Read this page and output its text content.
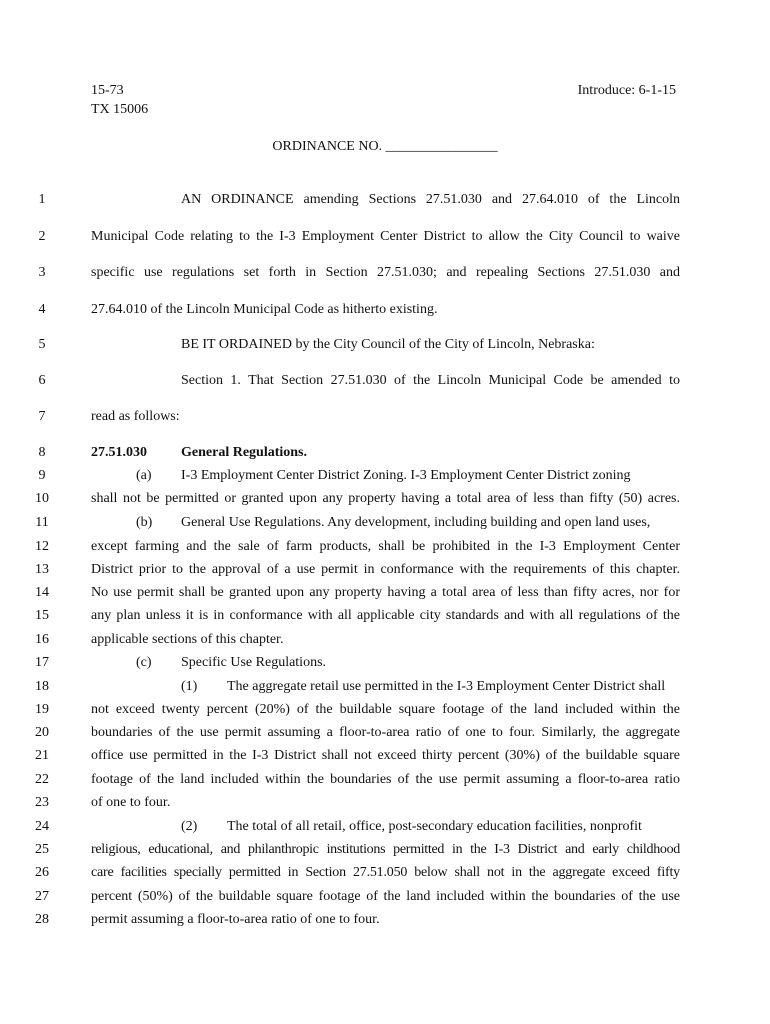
15-73
TX 15006
Introduce: 6-1-15
ORDINANCE NO. ________________
1
2
3
4
5
6
7
8
9
10
11
12
13
14
15
16
17
18
19
20
21
22
23
24
25
26
27
28
AN ORDINANCE amending Sections 27.51.030 and 27.64.010 of the Lincoln
Municipal Code relating to the I-3 Employment Center District to allow the City Council to waive
specific use regulations set forth in Section 27.51.030; and repealing Sections 27.51.030 and
27.64.010 of the Lincoln Municipal Code as hitherto existing.
BE IT ORDAINED by the City Council of the City of Lincoln, Nebraska:
Section 1. That Section 27.51.030 of the Lincoln Municipal Code be amended to
read as follows:
27.51.030 General Regulations.
(a) I-3 Employment Center District Zoning. I-3 Employment Center District zoning
shall not be permitted or granted upon any property having a total area of less than fifty (50) acres.
(b) General Use Regulations. Any development, including building and open land uses,
except farming and the sale of farm products, shall be prohibited in the I-3 Employment Center
District prior to the approval of a use permit in conformance with the requirements of this chapter.
No use permit shall be granted upon any property having a total area of less than fifty acres, nor for
any plan unless it is in conformance with all applicable city standards and with all regulations of the
applicable sections of this chapter.
(c) Specific Use Regulations.
(1) The aggregate retail use permitted in the I-3 Employment Center District shall
not exceed twenty percent (20%) of the buildable square footage of the land included within the
boundaries of the use permit assuming a floor-to-area ratio of one to four. Similarly, the aggregate
office use permitted in the I-3 District shall not exceed thirty percent (30%) of the buildable square
footage of the land included within the boundaries of the use permit assuming a floor-to-area ratio
of one to four.
(2) The total of all retail, office, post-secondary education facilities, nonprofit
religious, educational, and philanthropic institutions permitted in the I-3 District and early childhood
care facilities specially permitted in Section 27.51.050 below shall not in the aggregate exceed fifty
percent (50%) of the buildable square footage of the land included within the boundaries of the use
permit assuming a floor-to-area ratio of one to four.
